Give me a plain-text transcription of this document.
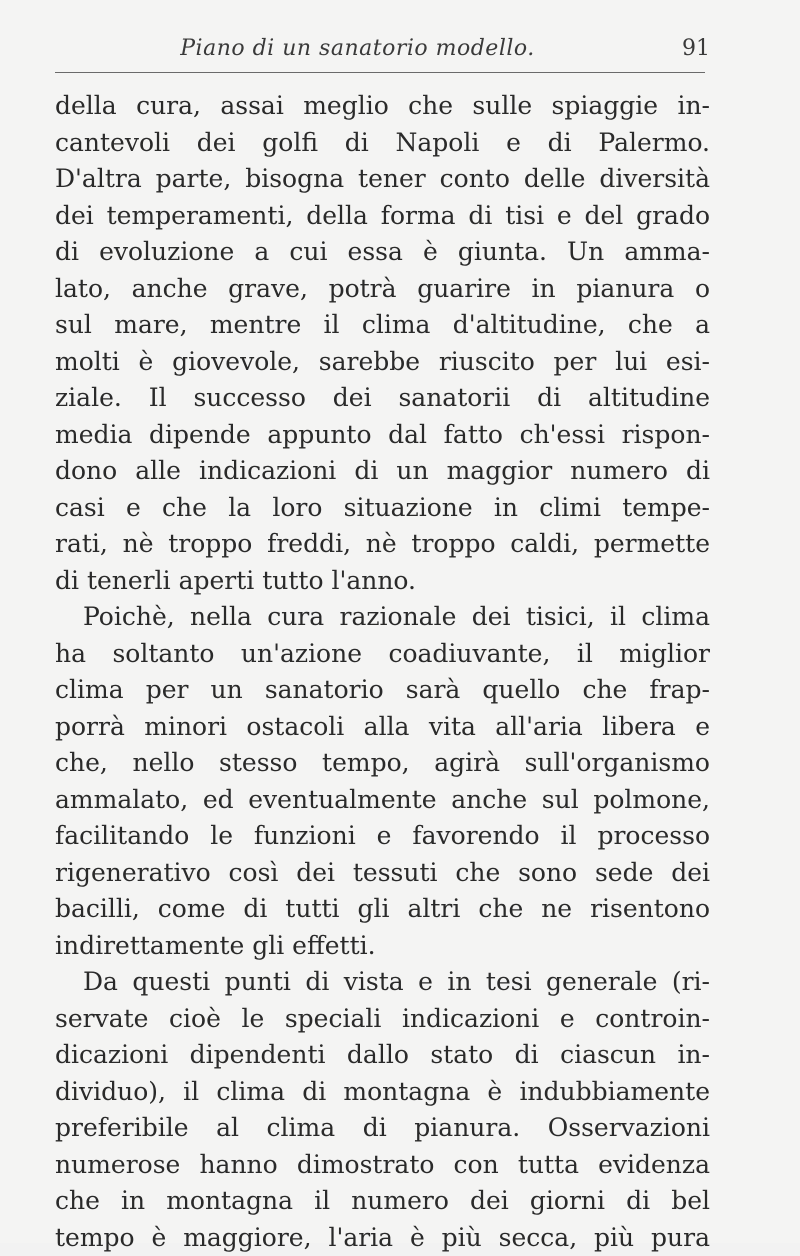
Piano di un sanatorio modello.	91
della cura, assai meglio che sulle spiaggie in-
cantevoli dei golfi di Napoli e di Palermo.
D'altra parte, bisogna tener conto delle diversità
dei temperamenti, della forma di tisi e del grado
di evoluzione a cui essa è giunta. Un amma-
lato, anche grave, potrà guarire in pianura o
sul mare, mentre il clima d'altitudine, che a
molti è giovevole, sarebbe riuscito per lui esi-
ziale. Il successo dei sanatorii di altitudine
media dipende appunto dal fatto ch'essi rispon-
dono alle indicazioni di un maggior numero di
casi e che la loro situazione in climi tempe-
rati, nè troppo freddi, nè troppo caldi, permette
di tenerli aperti tutto l'anno.
Poichè, nella cura razionale dei tisici, il clima
ha soltanto un'azione coadiuvante, il miglior
clima per un sanatorio sarà quello che frap-
porrà minori ostacoli alla vita all'aria libera e
che, nello stesso tempo, agirà sull'organismo
ammalato, ed eventualmente anche sul polmone,
facilitando le funzioni e favorendo il processo
rigenerativo così dei tessuti che sono sede dei
bacilli, come di tutti gli altri che ne risentono
indirettamente gli effetti.
Da questi punti di vista e in tesi generale (ri-
servate cioè le speciali indicazioni e controin-
dicazioni dipendenti dallo stato di ciascun in-
dividuo), il clima di montagna è indubbiamente
preferibile al clima di pianura. Osservazioni
numerose hanno dimostrato con tutta evidenza
che in montagna il numero dei giorni di bel
tempo è maggiore, l'aria è più secca, più pura
